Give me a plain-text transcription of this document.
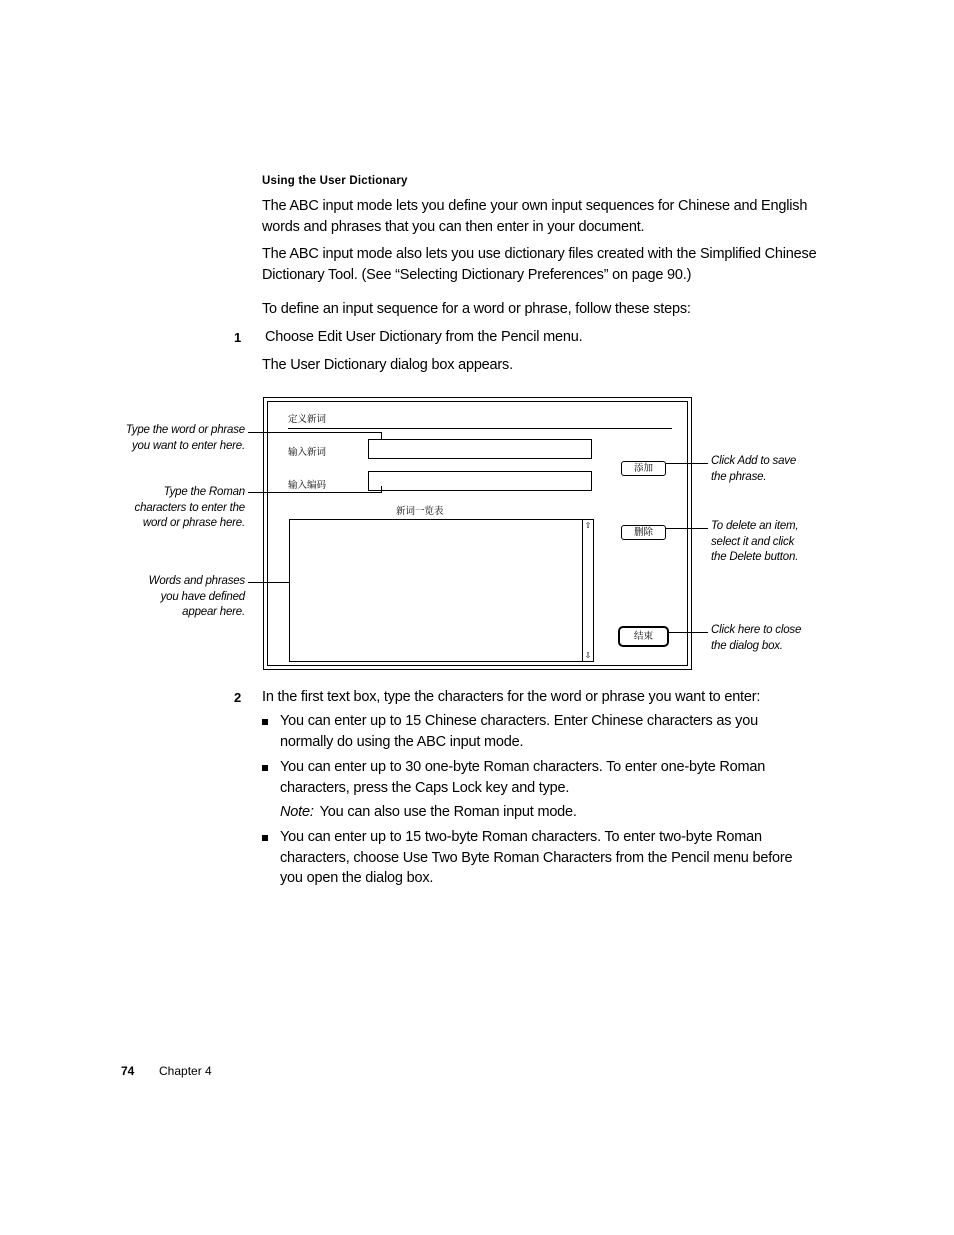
Using the User Dictionary
The ABC input mode lets you define your own input sequences for Chinese and English words and phrases that you can then enter in your document.
The ABC input mode also lets you use dictionary files created with the Simplified Chinese Dictionary Tool. (See “Selecting Dictionary Preferences” on page 90.)
To define an input sequence for a word or phrase, follow these steps:
1 Choose Edit User Dictionary from the Pencil menu.
The User Dictionary dialog box appears.
定义新词
输入新词
输入编码
新词一览表
⇧
⇩
添加
删除
结束
Type the word or phrase
you want to enter here.
Type the Roman
characters to enter the
word or phrase here.
Words and phrases
you have defined
appear here.
Click Add to save
the phrase.
To delete an item,
select it and click
the Delete button.
Click here to close
the dialog box.
2 In the first text box, type the characters for the word or phrase you want to enter:
You can enter up to 15 Chinese characters. Enter Chinese characters as you normally do using the ABC input mode.
You can enter up to 30 one-byte Roman characters. To enter one-byte Roman characters, press the Caps Lock key and type.
Note: You can also use the Roman input mode.
You can enter up to 15 two-byte Roman characters. To enter two-byte Roman characters, choose Use Two Byte Roman Characters from the Pencil menu before you open the dialog box.
74 Chapter 4
